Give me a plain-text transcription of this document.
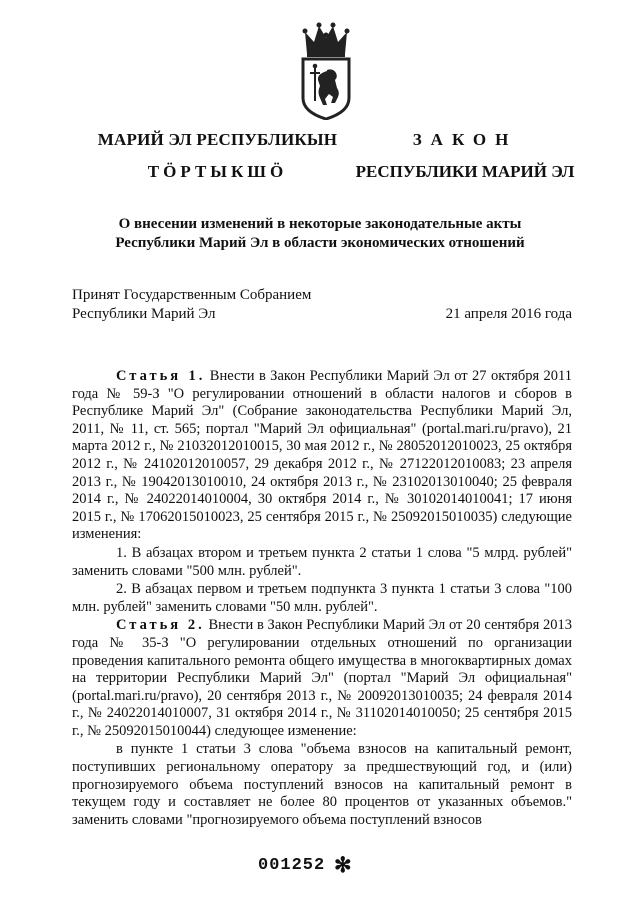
МАРИЙ ЭЛ РЕСПУБЛИКЫН
ТӦРТЫКШӦ
ЗАКОН
РЕСПУБЛИКИ МАРИЙ ЭЛ
О внесении изменений в некоторые законодательные акты
Республики Марий Эл в области экономических отношений
Принят Государственным Собранием
Республики Марий Эл	21 апреля 2016 года

Статья 1. Внести в Закон Республики Марий Эл от 27 октября 2011 года № 59-З "О регулировании отношений в области налогов и сборов в Республике Марий Эл" (Собрание законодательства Республики Марий Эл, 2011, № 11, ст. 565; портал "Марий Эл официальная" (portal.mari.ru/pravo), 21 марта 2012 г., № 21032012010015, 30 мая 2012 г., № 28052012010023, 25 октября 2012 г., № 24102012010057, 29 декабря 2012 г., № 27122012010083; 23 апреля 2013 г., № 19042013010010, 24 октября 2013 г., № 23102013010040; 25 февраля 2014 г., № 24022014010004, 30 октября 2014 г., № 30102014010041; 17 июня 2015 г., № 17062015010023, 25 сентября 2015 г., № 25092015010035) следующие изменения:

1. В абзацах втором и третьем пункта 2 статьи 1 слова "5 млрд. рублей" заменить словами "500 млн. рублей".

2. В абзацах первом и третьем подпункта 3 пункта 1 статьи 3 слова "100 млн. рублей" заменить словами "50 млн. рублей".

Статья 2. Внести в Закон Республики Марий Эл от 20 сентября 2013 года № 35-З "О регулировании отдельных отношений по организации проведения капитального ремонта общего имущества в многоквартирных домах на территории Республики Марий Эл" (портал "Марий Эл официальная" (portal.mari.ru/pravo), 20 сентября 2013 г., № 20092013010035; 24 февраля 2014 г., № 24022014010007, 31 октября 2014 г., № 31102014010050; 25 сентября 2015 г., № 25092015010044) следующее изменение:

в пункте 1 статьи 3 слова "объема взносов на капитальный ремонт, поступивших региональному оператору за предшествующий год, и (или) прогнозируемого объема поступлений взносов на капитальный ремонт в текущем году и составляет не более 80 процентов от указанных объемов." заменить словами "прогнозируемого объема поступлений взносов

001252 ✻
